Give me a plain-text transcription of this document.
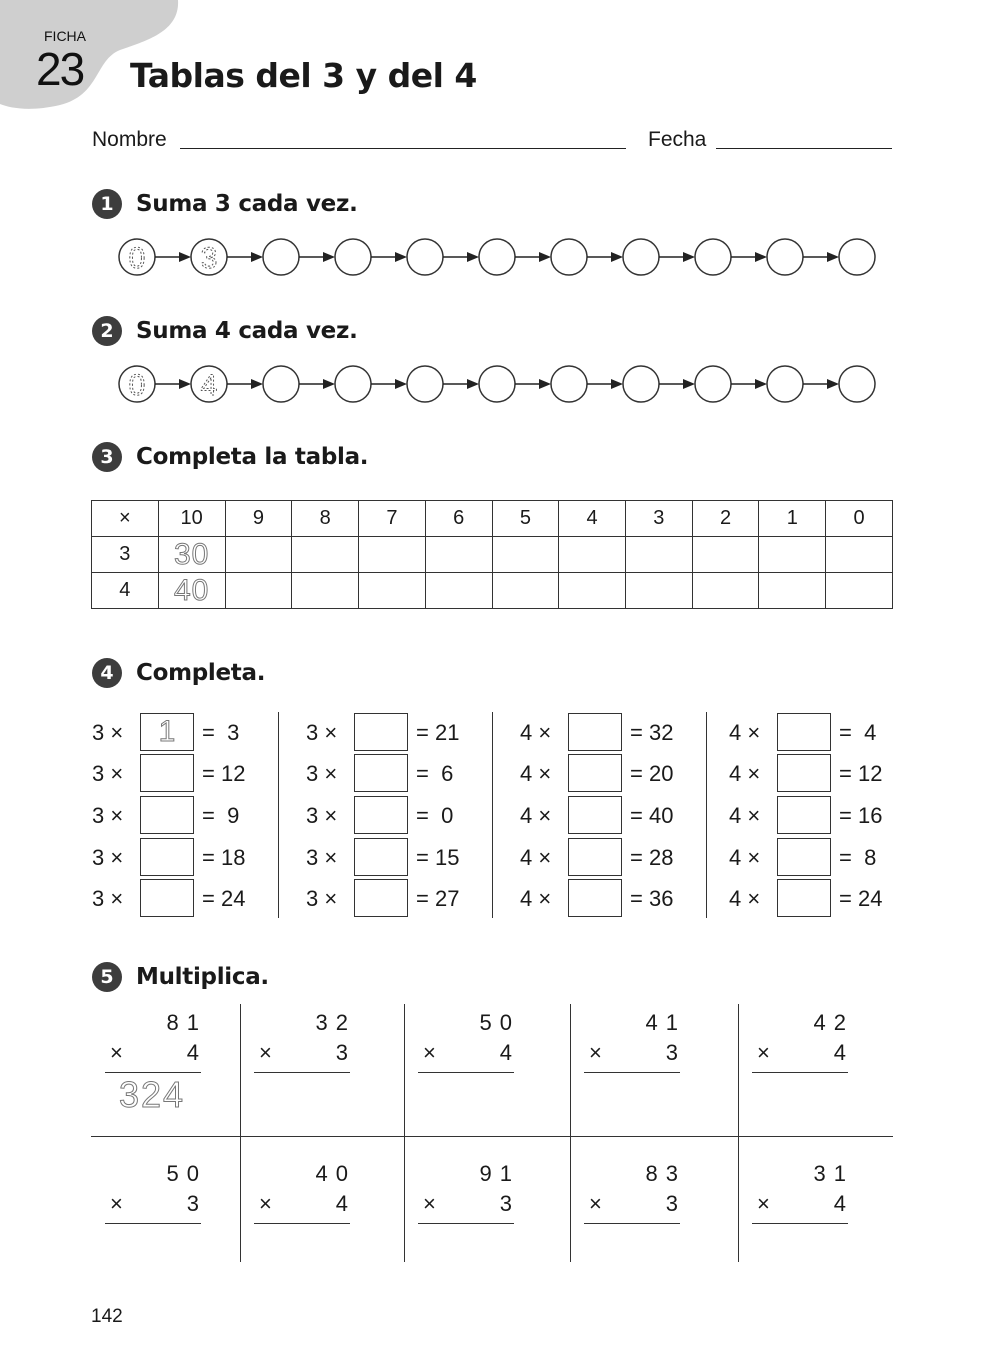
FICHA
23 Tablas del 3 y del 4
Nombre	Fecha
1 Suma 3 cada vez.
0 3
2 Suma 4 cada vez.
0 4
3 Completa la tabla.
×	10	9	8	7	6	5	4	3	2	1	0
3	30										
4	40										
4 Completa.
3 ×	1	=  3
3 ×	= 12
3 ×	=  9
3 ×	= 18
3 ×	= 24
3 ×	= 21
3 ×	=  6
3 ×	=  0
3 ×	= 15
3 ×	= 27
4 ×	= 32
4 ×	= 20
4 ×	= 40
4 ×	= 28
4 ×	= 36
4 ×	=  4
4 ×	= 12
4 ×	= 16
4 ×	=  8
4 ×	= 24
5 Multiplica.
81
×	4
324
32
×	3
50
×	4
41
×	3
42
×	4
50
×	3
40
×	4
91
×	3
83
×	3
31
×	4
142
